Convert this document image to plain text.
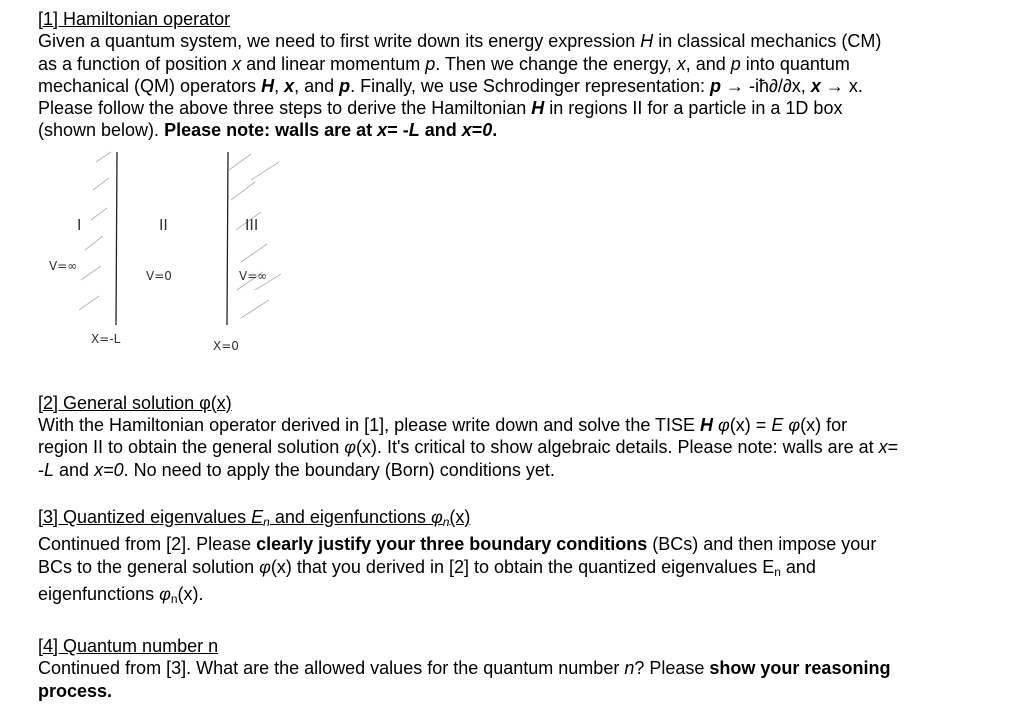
[1] Hamiltonian operator

Given a quantum system, we need to first write down its energy expression H in classical mechanics (CM)
as a function of position x and linear momentum p. Then we change the energy, x, and p into quantum
mechanical (QM) operators H, x, and p. Finally, we use Schrodinger representation: p → -iħ∂/∂x, x → x.
Please follow the above three steps to derive the Hamiltonian H in regions II for a particle in a 1D box
(shown below). Please note: walls are at x= -L and x=0.

I	II	III
V=∞
V=0	V=∞
X=-L	X=0

[2] General solution φ(x)

With the Hamiltonian operator derived in [1], please write down and solve the TISE H φ(x) = E φ(x) for
region II to obtain the general solution φ(x). It's critical to show algebraic details. Please note: walls are at x=
-L and x=0. No need to apply the boundary (Born) conditions yet.

[3] Quantized eigenvalues $E_n$ and eigenfunctions $\varphi_n(x)$

Continued from [2]. Please clearly justify your three boundary conditions (BCs) and then impose your
BCs to the general solution φ(x) that you derived in [2] to obtain the quantized eigenvalues $E_n$ and
eigenfunctions $\varphi_n(x)$.

[4] Quantum number n

Continued from [3]. What are the allowed values for the quantum number n? Please show your reasoning
process.
